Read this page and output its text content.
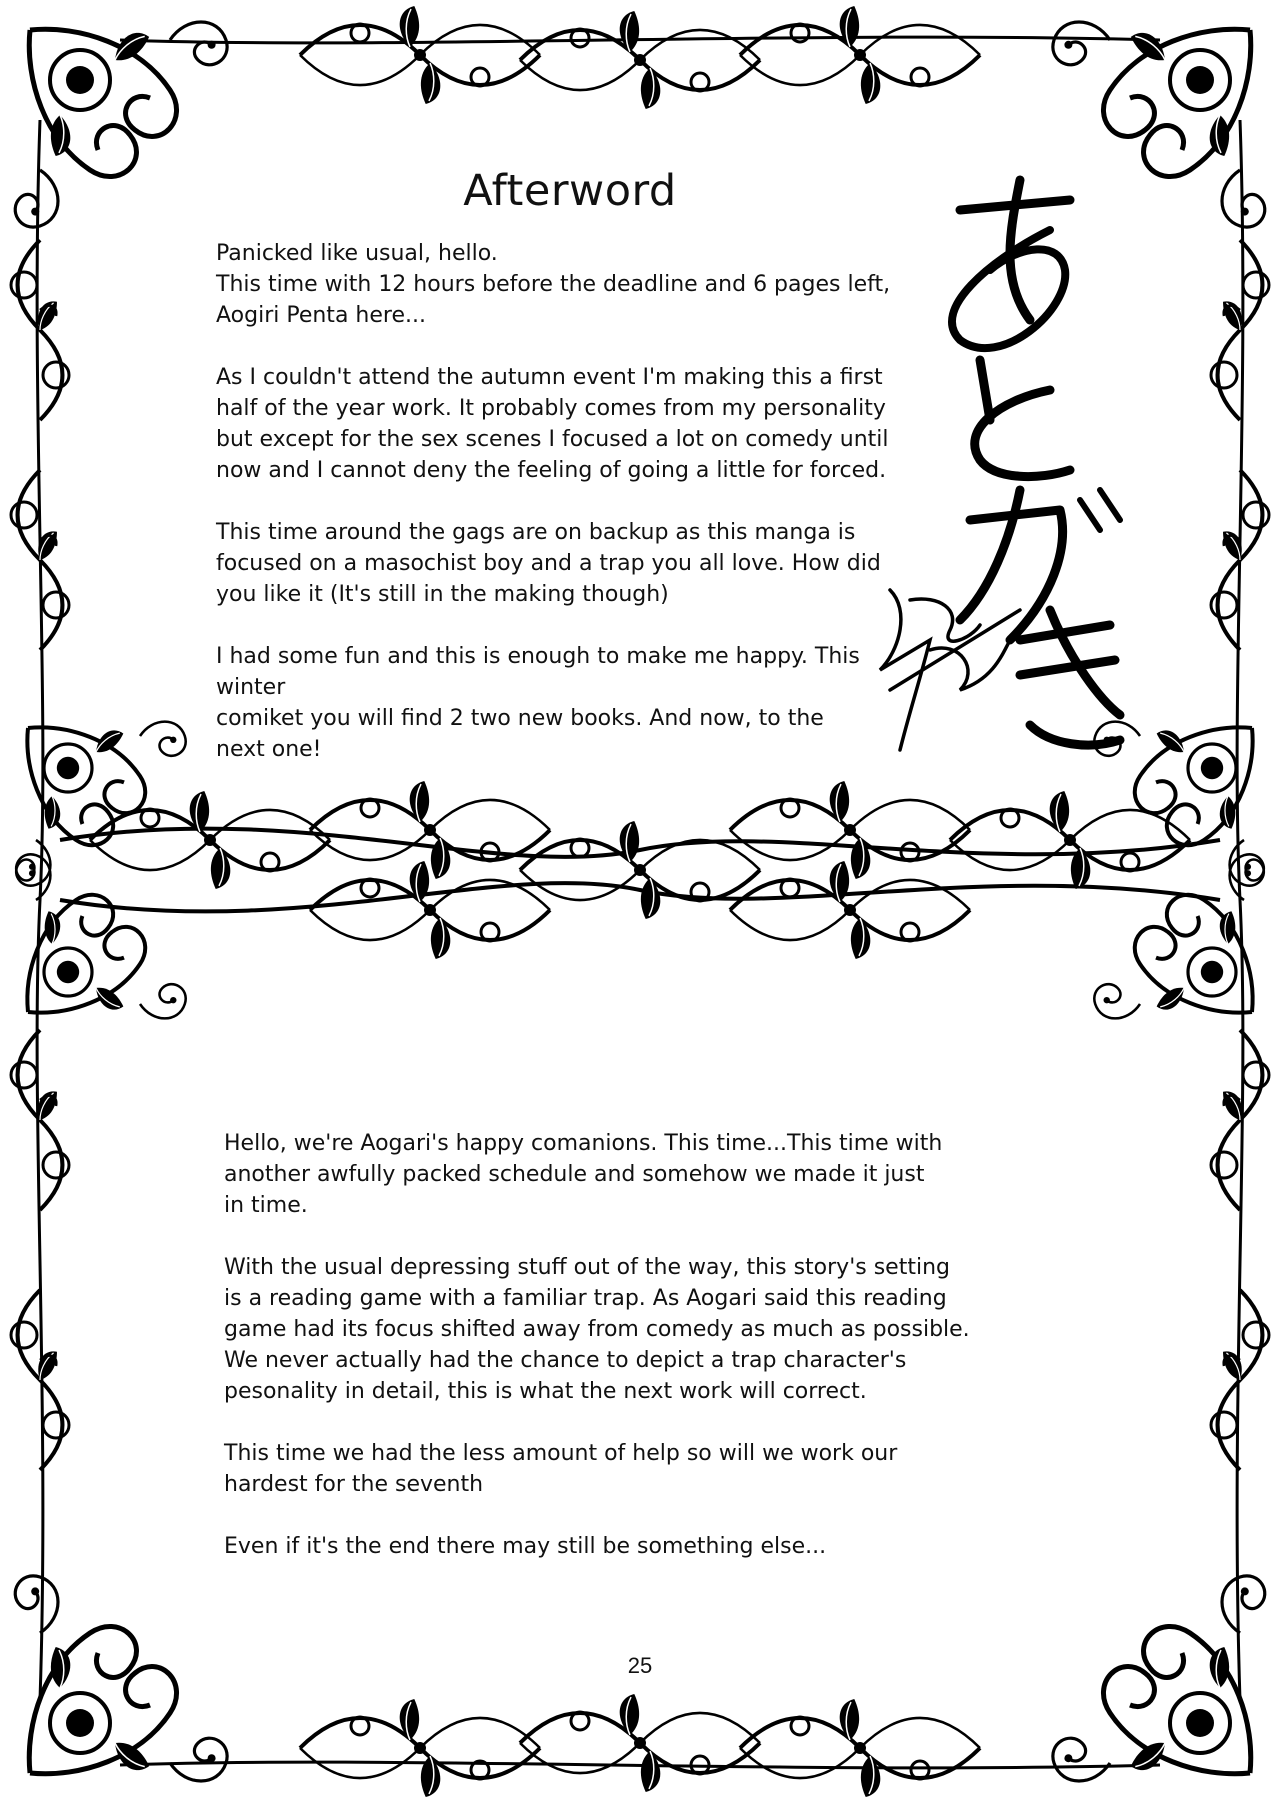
Afterword

Panicked like usual, hello.
This time with 12 hours before the deadline and 6 pages left,
Aogiri Penta here...

As I couldn't attend the autumn event I'm making this a first
half of the year work. It probably comes from my personality
but except for the sex scenes I focused a lot on comedy until
now and I cannot deny the feeling of going a little for forced.

This time around the gags are on backup as this manga is
focused on a masochist boy and a trap you all love. How did
you like it (It's still in the making though)

I had some fun and this is enough to make me happy. This winter
comiket you will find 2 two new books. And now, to the
next one!

Hello, we're Aogari's happy comanions. This time...This time with
another awfully packed schedule and somehow we made it just
in time.

With the usual depressing stuff out of the way, this story's setting
is a reading game with a familiar trap. As Aogari said this reading
game had its focus shifted away from comedy as much as possible.
We never actually had the chance to depict a trap character's
pesonality in detail, this is what the next work will correct.

This time we had the less amount of help so will we work our
hardest for the seventh

Even if it's the end there may still be something else...

25
